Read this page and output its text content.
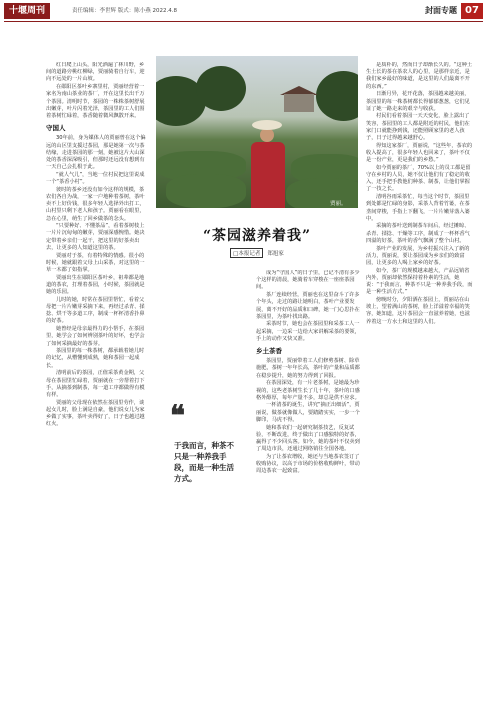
十堰周刊	责任编辑：李世辉 版式：陈小燕 2022.4.8	封面专题 07

红日爬上山头，阳光洒遍了林川野，乡间的道路旁桃红柳绿，贾丽骑着自行车，迎向不远处的一片山坡。

在郧阳区茶叶乡寨里村，贾丽经营着一家名为南山茶业的茶厂，开在这里长出千万个茶园。清明时节，茶园的一株株茶树舒展出嫩芽，叶片闪着光泽，茶园里的工人们围着茶树忙碌着，茶香随着微风飘散开来。

守国人

30年前，身为媒体人的贾丽曾在这个偏远的山区里支援过茶园，那是她第一次与茶结缘，走进茶园的那一刻，她被这片大山深处的茶香深深吸引，但那时还远没有想到有一天自己会扎根于此。

“就人气儿”，当地一位村民把这里说成一个“茶香小村”。

彼时的茶乡还没有如今这样的规模，茶农们各自为战，一家一户地种着茶树，茶叶卖不上好价钱，很多年轻人选择外出打工，山村里只剩下老人和孩子。贾丽看在眼里，急在心里，萌生了回乡做茶的念头。

“只要种好、不懂茶品”，看着茶树枝上一片片沉甸甸的嫩芽，贾丽深感惋惜。她决定带着乡亲们一起干，把这里的好茶卖出去，让更多的人知道这里的茶。

贾丽对于茶，有着特殊的情感。很小的时候，她就跟着父母上山采茶，对这里的一草一木都了如指掌。

贾丽出生在郧阳区茶叶乡，祖辈都是地道的茶农，打理着茶园，小时候，茶园就是她的乐园。

儿时的她，时常在茶园里帮忙，看着父母把一片片嫩芽采摘下来，再经过杀青、揉捻、烘干等多道工序，制成一杯杯清香扑鼻的好茶。

她曾经是母亲最得力的小帮手，在茶园里，她学会了如何辨别茶叶的好坏，也学会了如何采摘最好的茶芽。

茶园里的每一株茶树，都承载着她儿时的记忆，从懵懂到成熟，她和茶园一起成长。

清明前后的茶园，正值采茶黄金期，父母在茶园里忙碌着，贾丽就在一旁帮着打下手，从摘茶到制茶，每一道工序都做得有模有样。

贾丽的父母现在依然在茶园里劳作，谈起女儿时，脸上满是自豪，他们说女儿为家乡做了实事，茶叶卖得好了，日子也越过越红火。

贾丽。
“茶园滋养着我”
□本报记者 郑旭家
❝
于我而言，种茶不只是一种养我手段，而是一种生活方式。

成为“守国人”的日子里，已记不清有多少个这样的清晨，她骑着车穿梭在一座座茶园间。

茶厂连续经营，贾丽也在这里奋斗了许多个年头，走过的路让她明白，茶叶产业要发展，离不开好的品质和口碑，她一门心思扑在茶园里，为茶叶找出路。

采茶时节，她也会在茶园里和采茶工人一起采摘，一边采一边给大家讲解采茶的要领，手上的动作又快又准。

乡土茶香

茶园里，贾丽带着工人们修剪茶树、除草施肥，茶树一年年长高，茶叶的产量和品质都在稳步提升，她的努力得到了回报。

在茶园深处，有一片老茶树，是她最为珍视的，这些老茶树生长了几十年，茶叶的口感格外醇厚，每年产量不多，却总是供不应求。

一杯清茶的诞生，讲究“摘正出细活”，贾丽说，做茶就像做人，要踏踏实实，一步一个脚印，马虎不得。

她和茶农们一起研究制茶技艺，反复试验，不断改进，终于做出了口感独特的好茶，赢得了不少回头客。如今，她的茶叶不仅卖到了周边市县，还通过网络销往全国各地。

为了让茶农增收，她还与当地茶农签订了收购协议，以高于市场的价格收购鲜叶，带动周边茶农一起致富。

是质朴的，然而日子却渐长久的。“这种土生土长的茶在茶农人的心里，是那样亲近，是我们家乡最好的味道，是这里的人们最离不开的东西。”

日渐月异，花开花落，茶园越来越美丽，茶园里的每一株茶树都长得郁郁葱葱，它们见证了她一路走来的艰辛与收获。

村民们看着茶园一天天变化，脸上露出了笑容，茶园里的工人都是附近的村民，他们在家门口就能挣到钱，还能照顾家里的老人孩子，日子过得越来越舒心。

得知这家茶厂，贾丽说，“这些年，茶农的收入提高了，很多年轻人也回来了，茶叶不仅是一份产业，更是我们的乡愁。”

如今贾丽的茶厂，70%以上的员工都是留守在乡村的人员，她不仅让他们有了稳定的收入，还手把手教他们种茶、制茶，让他们掌握了一技之长。

清明谷雨采茶忙，每当这个时节，茶园里到处都是忙碌的身影，采茶人背着竹篓，在茶垄间穿梭，手指上下翻飞，一片片嫩芽落入篓中。

采摘的茶叶送到制茶车间后，经过摊晾、杀青、揉捻、干燥等工序，制成了一杯杯香气四溢的好茶，茶叶的香气飘满了整个山村。

茶叶产业的发展，为乡村振兴注入了新的活力，贾丽说，要让茶园成为乡亲们的致富园，让更多的人喝上家乡的好茶。

如今，茶厂的规模越来越大，产品远销省内外，贾丽却依然保持着朴素的生活，她说：“于我而言，种茶不只是一种养我手段，而是一种生活方式。”

傍晚时分，夕阳洒在茶园上，贾丽站在山坡上，望着满山的茶树，脸上洋溢着幸福的笑容，她知道，这片茶园会一直滋养着她，也滋养着这一方水土和这里的人们。
